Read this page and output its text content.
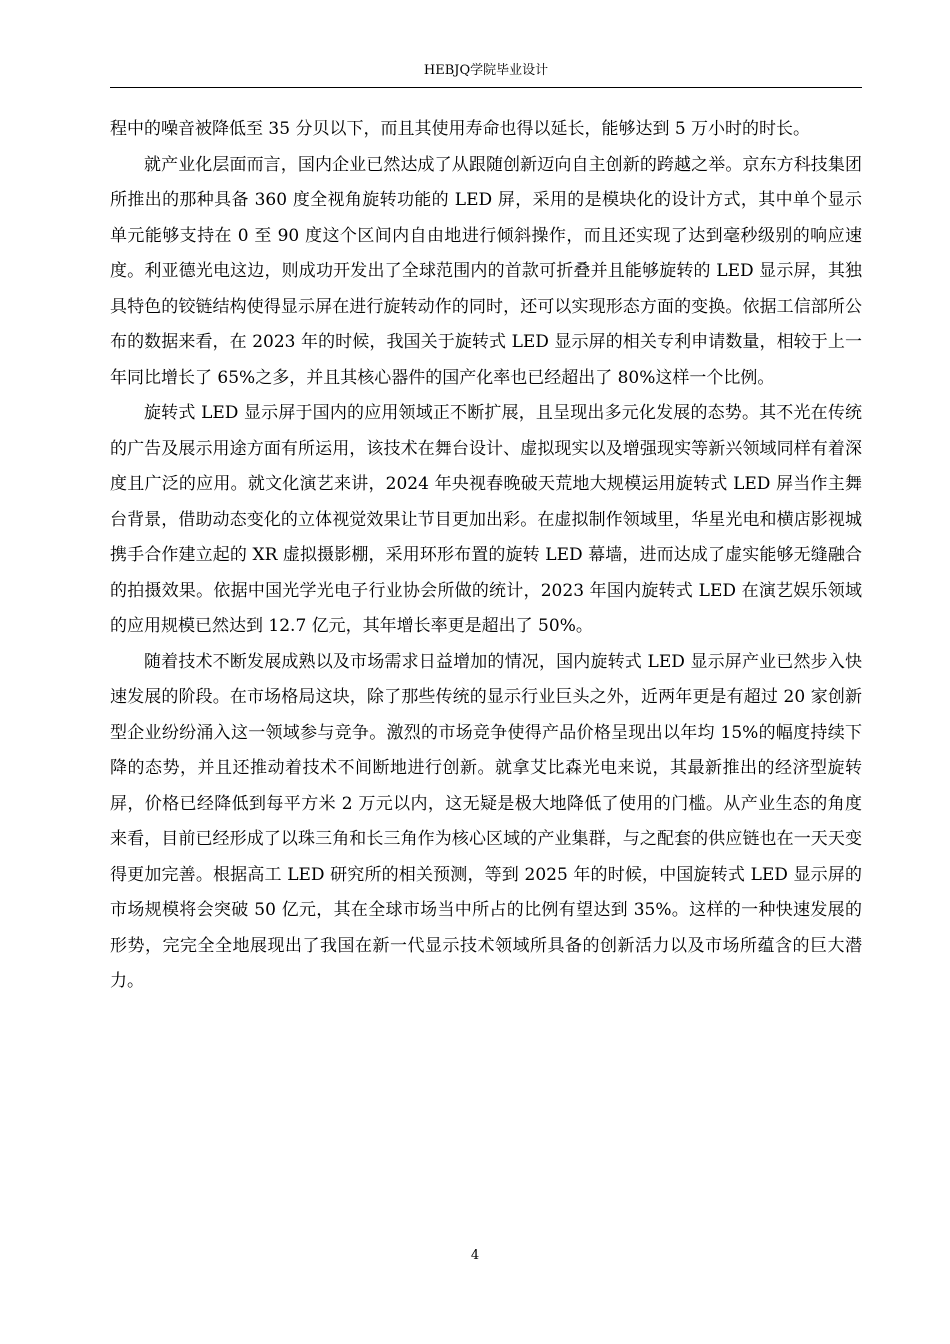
HEBJQ学院毕业设计

程中的噪音被降低至 35 分贝以下，而且其使用寿命也得以延长，能够达到 5 万小时的时长。

就产业化层面而言，国内企业已然达成了从跟随创新迈向自主创新的跨越之举。京东方科技集团所推出的那种具备 360 度全视角旋转功能的 LED 屏，采用的是模块化的设计方式，其中单个显示单元能够支持在 0 至 90 度这个区间内自由地进行倾斜操作，而且还实现了达到毫秒级别的响应速度。利亚德光电这边，则成功开发出了全球范围内的首款可折叠并且能够旋转的 LED 显示屏，其独具特色的铰链结构使得显示屏在进行旋转动作的同时，还可以实现形态方面的变换。依据工信部所公布的数据来看，在 2023 年的时候，我国关于旋转式 LED 显示屏的相关专利申请数量，相较于上一年同比增长了 65%之多，并且其核心器件的国产化率也已经超出了 80%这样一个比例。

旋转式 LED 显示屏于国内的应用领域正不断扩展，且呈现出多元化发展的态势。其不光在传统的广告及展示用途方面有所运用，该技术在舞台设计、虚拟现实以及增强现实等新兴领域同样有着深度且广泛的应用。就文化演艺来讲，2024 年央视春晚破天荒地大规模运用旋转式 LED 屏当作主舞台背景，借助动态变化的立体视觉效果让节目更加出彩。在虚拟制作领域里，华星光电和横店影视城携手合作建立起的 XR 虚拟摄影棚，采用环形布置的旋转 LED 幕墙，进而达成了虚实能够无缝融合的拍摄效果。依据中国光学光电子行业协会所做的统计，2023 年国内旋转式 LED 在演艺娱乐领域的应用规模已然达到 12.7 亿元，其年增长率更是超出了 50%。

随着技术不断发展成熟以及市场需求日益增加的情况，国内旋转式 LED 显示屏产业已然步入快速发展的阶段。在市场格局这块，除了那些传统的显示行业巨头之外，近两年更是有超过 20 家创新型企业纷纷涌入这一领域参与竞争。激烈的市场竞争使得产品价格呈现出以年均 15%的幅度持续下降的态势，并且还推动着技术不间断地进行创新。就拿艾比森光电来说，其最新推出的经济型旋转屏，价格已经降低到每平方米 2 万元以内，这无疑是极大地降低了使用的门槛。从产业生态的角度来看，目前已经形成了以珠三角和长三角作为核心区域的产业集群，与之配套的供应链也在一天天变得更加完善。根据高工 LED 研究所的相关预测，等到 2025 年的时候，中国旋转式 LED 显示屏的市场规模将会突破 50 亿元，其在全球市场当中所占的比例有望达到 35%。这样的一种快速发展的形势，完完全全地展现出了我国在新一代显示技术领域所具备的创新活力以及市场所蕴含的巨大潜力。

4
